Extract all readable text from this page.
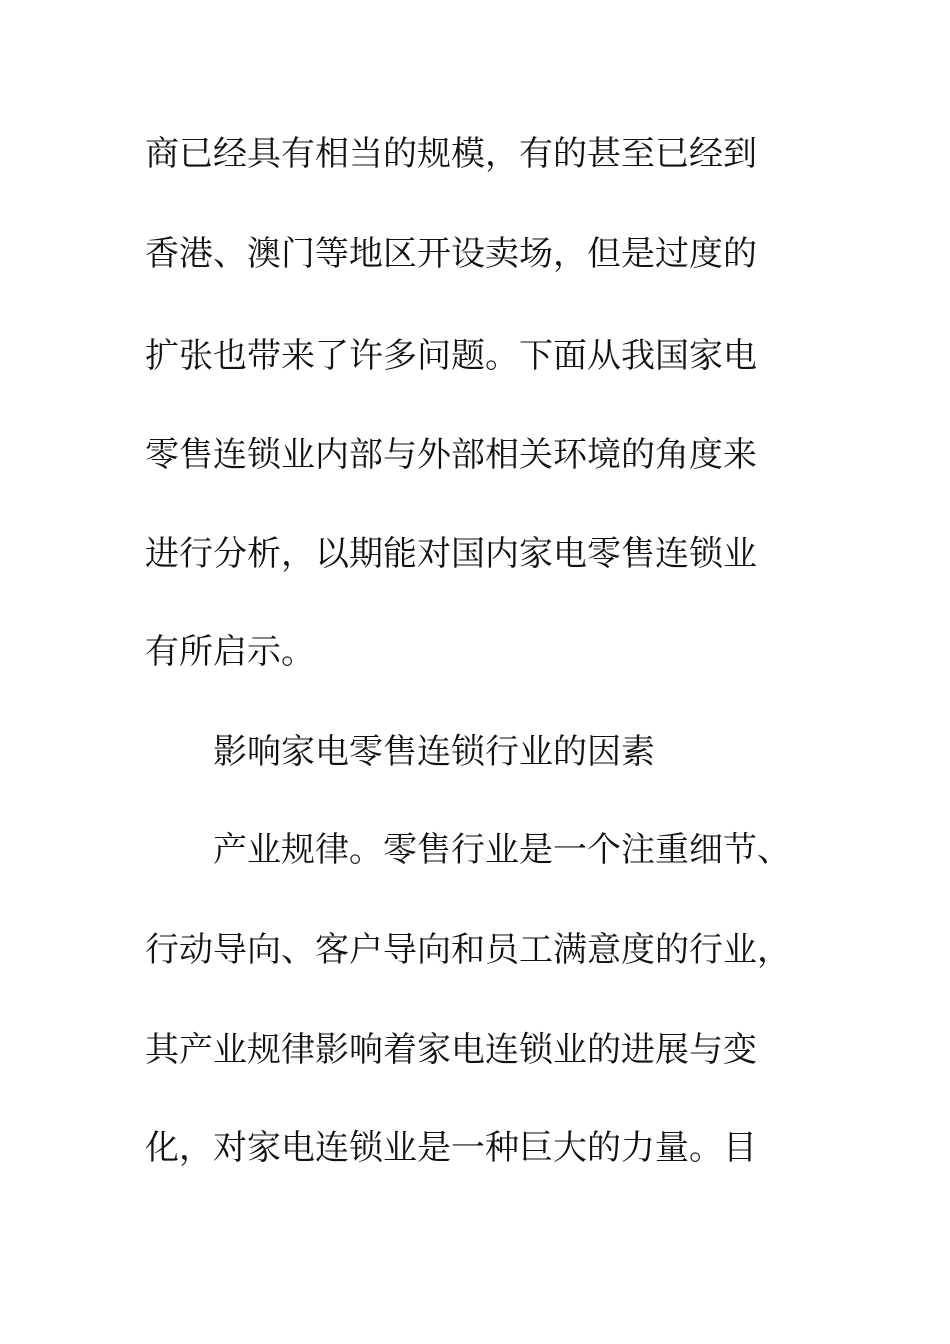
商已经具有相当的规模，有的甚至已经到

香港、澳门等地区开设卖场，但是过度的

扩张也带来了许多问题。下面从我国家电

零售连锁业内部与外部相关环境的角度来

进行分析，以期能对国内家电零售连锁业

有所启示。

影响家电零售连锁行业的因素

产业规律。零售行业是一个注重细节、

行动导向、客户导向和员工满意度的行业，

其产业规律影响着家电连锁业的进展与变

化，对家电连锁业是一种巨大的力量。目
